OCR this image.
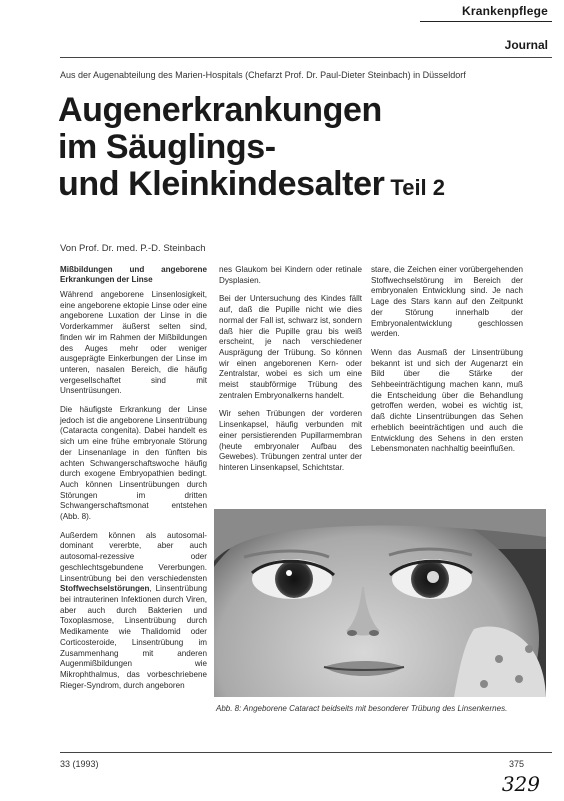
Krankenpflege
Journal
Aus der Augenabteilung des Marien-Hospitals (Chefarzt Prof. Dr. Paul-Dieter Steinbach) in Düsseldorf
Augenerkrankungen
im Säuglings-
und Kleinkindesalter Teil 2
Von Prof. Dr. med. P.-D. Steinbach
Mißbildungen und angeborene Erkrankungen der Linse

Während angeborene Linsenlosigkeit, eine angeborene ektopie Linse oder eine angeborene Luxation der Linse in die Vorderkammer äußerst selten sind, finden wir im Rahmen der Mißbildungen des Auges mehr oder weniger ausgeprägte Einkerbungen der Linse im unteren, nasalen Bereich, die häufig vergesellschaftet sind mit Unsentrüsungen.

Die häufigste Erkrankung der Linse jedoch ist die angeborene Linsentrübung (Cataracta congenita). Dabei handelt es sich um eine frühe embryonale Störung der Linsenanlage in den fünften bis achten Schwangerschaftswoche häufig durch exogene Embryopathien bedingt. Auch können Linsentrübungen durch Störungen im dritten Schwangerschaftsmonat entstehen (Abb. 8).

Außerdem können als autosomal-dominant vererbte, aber auch autosomal-rezessive oder geschlechtsgebundene Vererbungen. Linsentrübung bei den verschiedensten Stoffwechselstörungen, Linsentrübung bei intrauterinen Infektionen durch Viren, aber auch durch Bakterien und Toxoplasmose, Linsentrübung durch Medikamente wie Thalidomid oder Corticosteroide, Linsentrübung im Zusammenhang mit anderen Augenmißbildungen wie Mikrophthalmus, das vorbeschriebene Rieger-Syndrom, durch angeboren

nes Glaukom bei Kindern oder retinale Dysplasien.

Bei der Untersuchung des Kindes fällt auf, daß die Pupille nicht wie dies normal der Fall ist, schwarz ist, sondern daß hier die Pupille grau bis weiß erscheint, je nach verschiedener Ausprägung der Trübung. So können wir einen angeborenen Kern- oder Zentralstar, wobei es sich um eine meist staubförmige Trübung des zentralen Embryonalkerns handelt.

Wir sehen Trübungen der vorderen Linsenkapsel, häufig verbunden mit einer persistierenden Pupillarmembran (heute embryonaler Aufbau des Gewebes). Trübungen zentral unter der hinteren Linsenkapsel, Schichtstar.

stare, die Zeichen einer vorübergehenden Stoffwechselstörung im Bereich der embryonalen Entwicklung sind. Je nach Lage des Stars kann auf den Zeitpunkt der Störung innerhalb der Embryonalentwicklung geschlossen werden.

Wenn das Ausmaß der Linsentrübung bekannt ist und sich der Augenarzt ein Bild über die Stärke der Sehbeeinträchtigung machen kann, muß die Entscheidung über die Behandlung getroffen werden, wobei es wichtig ist, daß dichte Linsentrübungen das Sehen erheblich beeinträchtigen und auch die Entwicklung des Sehens in den ersten Lebensmonaten nachhaltig beeinflußen.

Abb. 8: Angeborene Cataract beidseits mit besonderer Trübung des Linsenkernes.
33 (1993)	375
329
